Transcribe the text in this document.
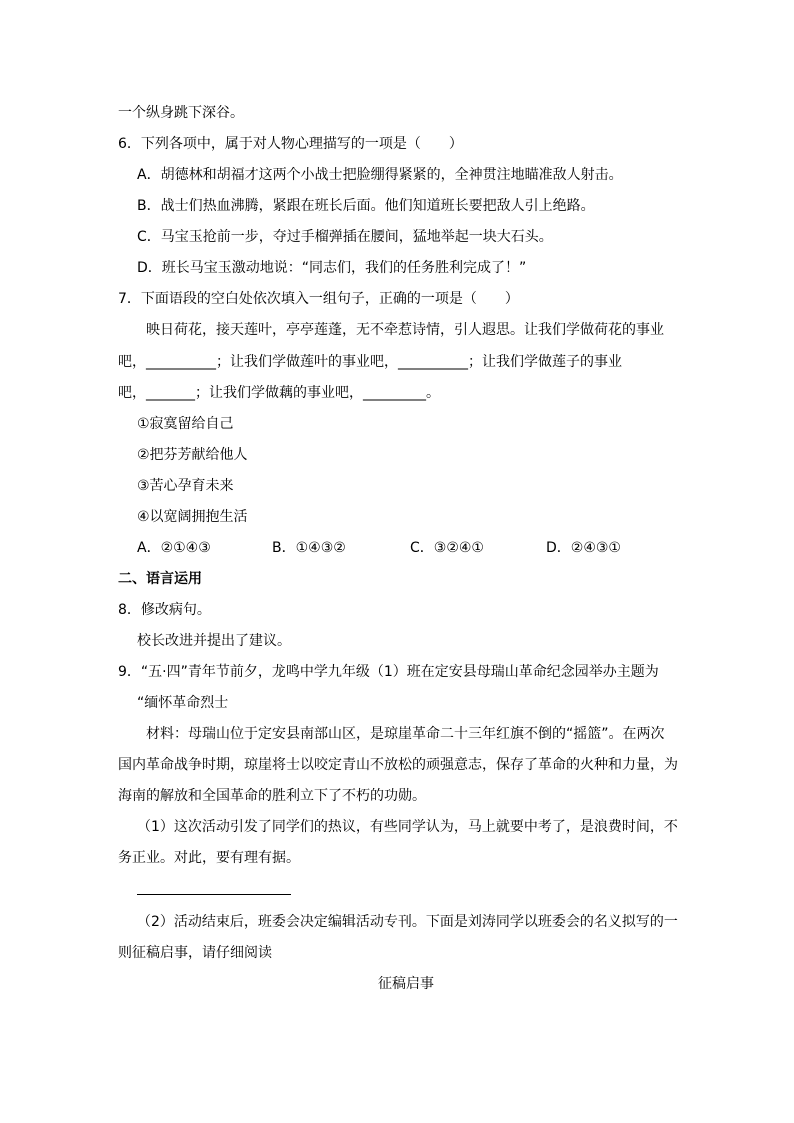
一个纵身跳下深谷。
6．下列各项中，属于对人物心理描写的一项是（　　）
A．胡德林和胡福才这两个小战士把脸绷得紧紧的，全神贯注地瞄准敌人射击。
B．战士们热血沸腾，紧跟在班长后面。他们知道班长要把敌人引上绝路。
C．马宝玉抢前一步，夺过手榴弹插在腰间，猛地举起一块大石头。
D．班长马宝玉激动地说：“同志们，我们的任务胜利完成了！”
7．下面语段的空白处依次填入一组句子，正确的一项是（　　）
映日荷花，接天莲叶，亭亭莲蓬，无不牵惹诗情，引人遐思。让我们学做荷花的事业
吧，__________；让我们学做莲叶的事业吧，__________；让我们学做莲子的事业
吧，_______；让我们学做藕的事业吧，_________。
①寂寞留给自己
②把芬芳献给他人
③苦心孕育未来
④以宽阔拥抱生活
A．②①④③	B．①④③②	C．③②④①	D．②④③①
二、语言运用
8．修改病句。
校长改进并提出了建议。
9．“五·四”青年节前夕，龙鸣中学九年级（1）班在定安县母瑞山革命纪念园举办主题为
“缅怀革命烈士
材料：母瑞山位于定安县南部山区，是琼崖革命二十三年红旗不倒的“摇篮”。在两次
国内革命战争时期，琼崖将士以咬定青山不放松的顽强意志，保存了革命的火种和力量，为
海南的解放和全国革命的胜利立下了不朽的功勋。
（1）这次活动引发了同学们的热议，有些同学认为，马上就要中考了，是浪费时间，不
务正业。对此，要有理有据。
（2）活动结束后，班委会决定编辑活动专刊。下面是刘涛同学以班委会的名义拟写的一
则征稿启事，请仔细阅读
征稿启事
